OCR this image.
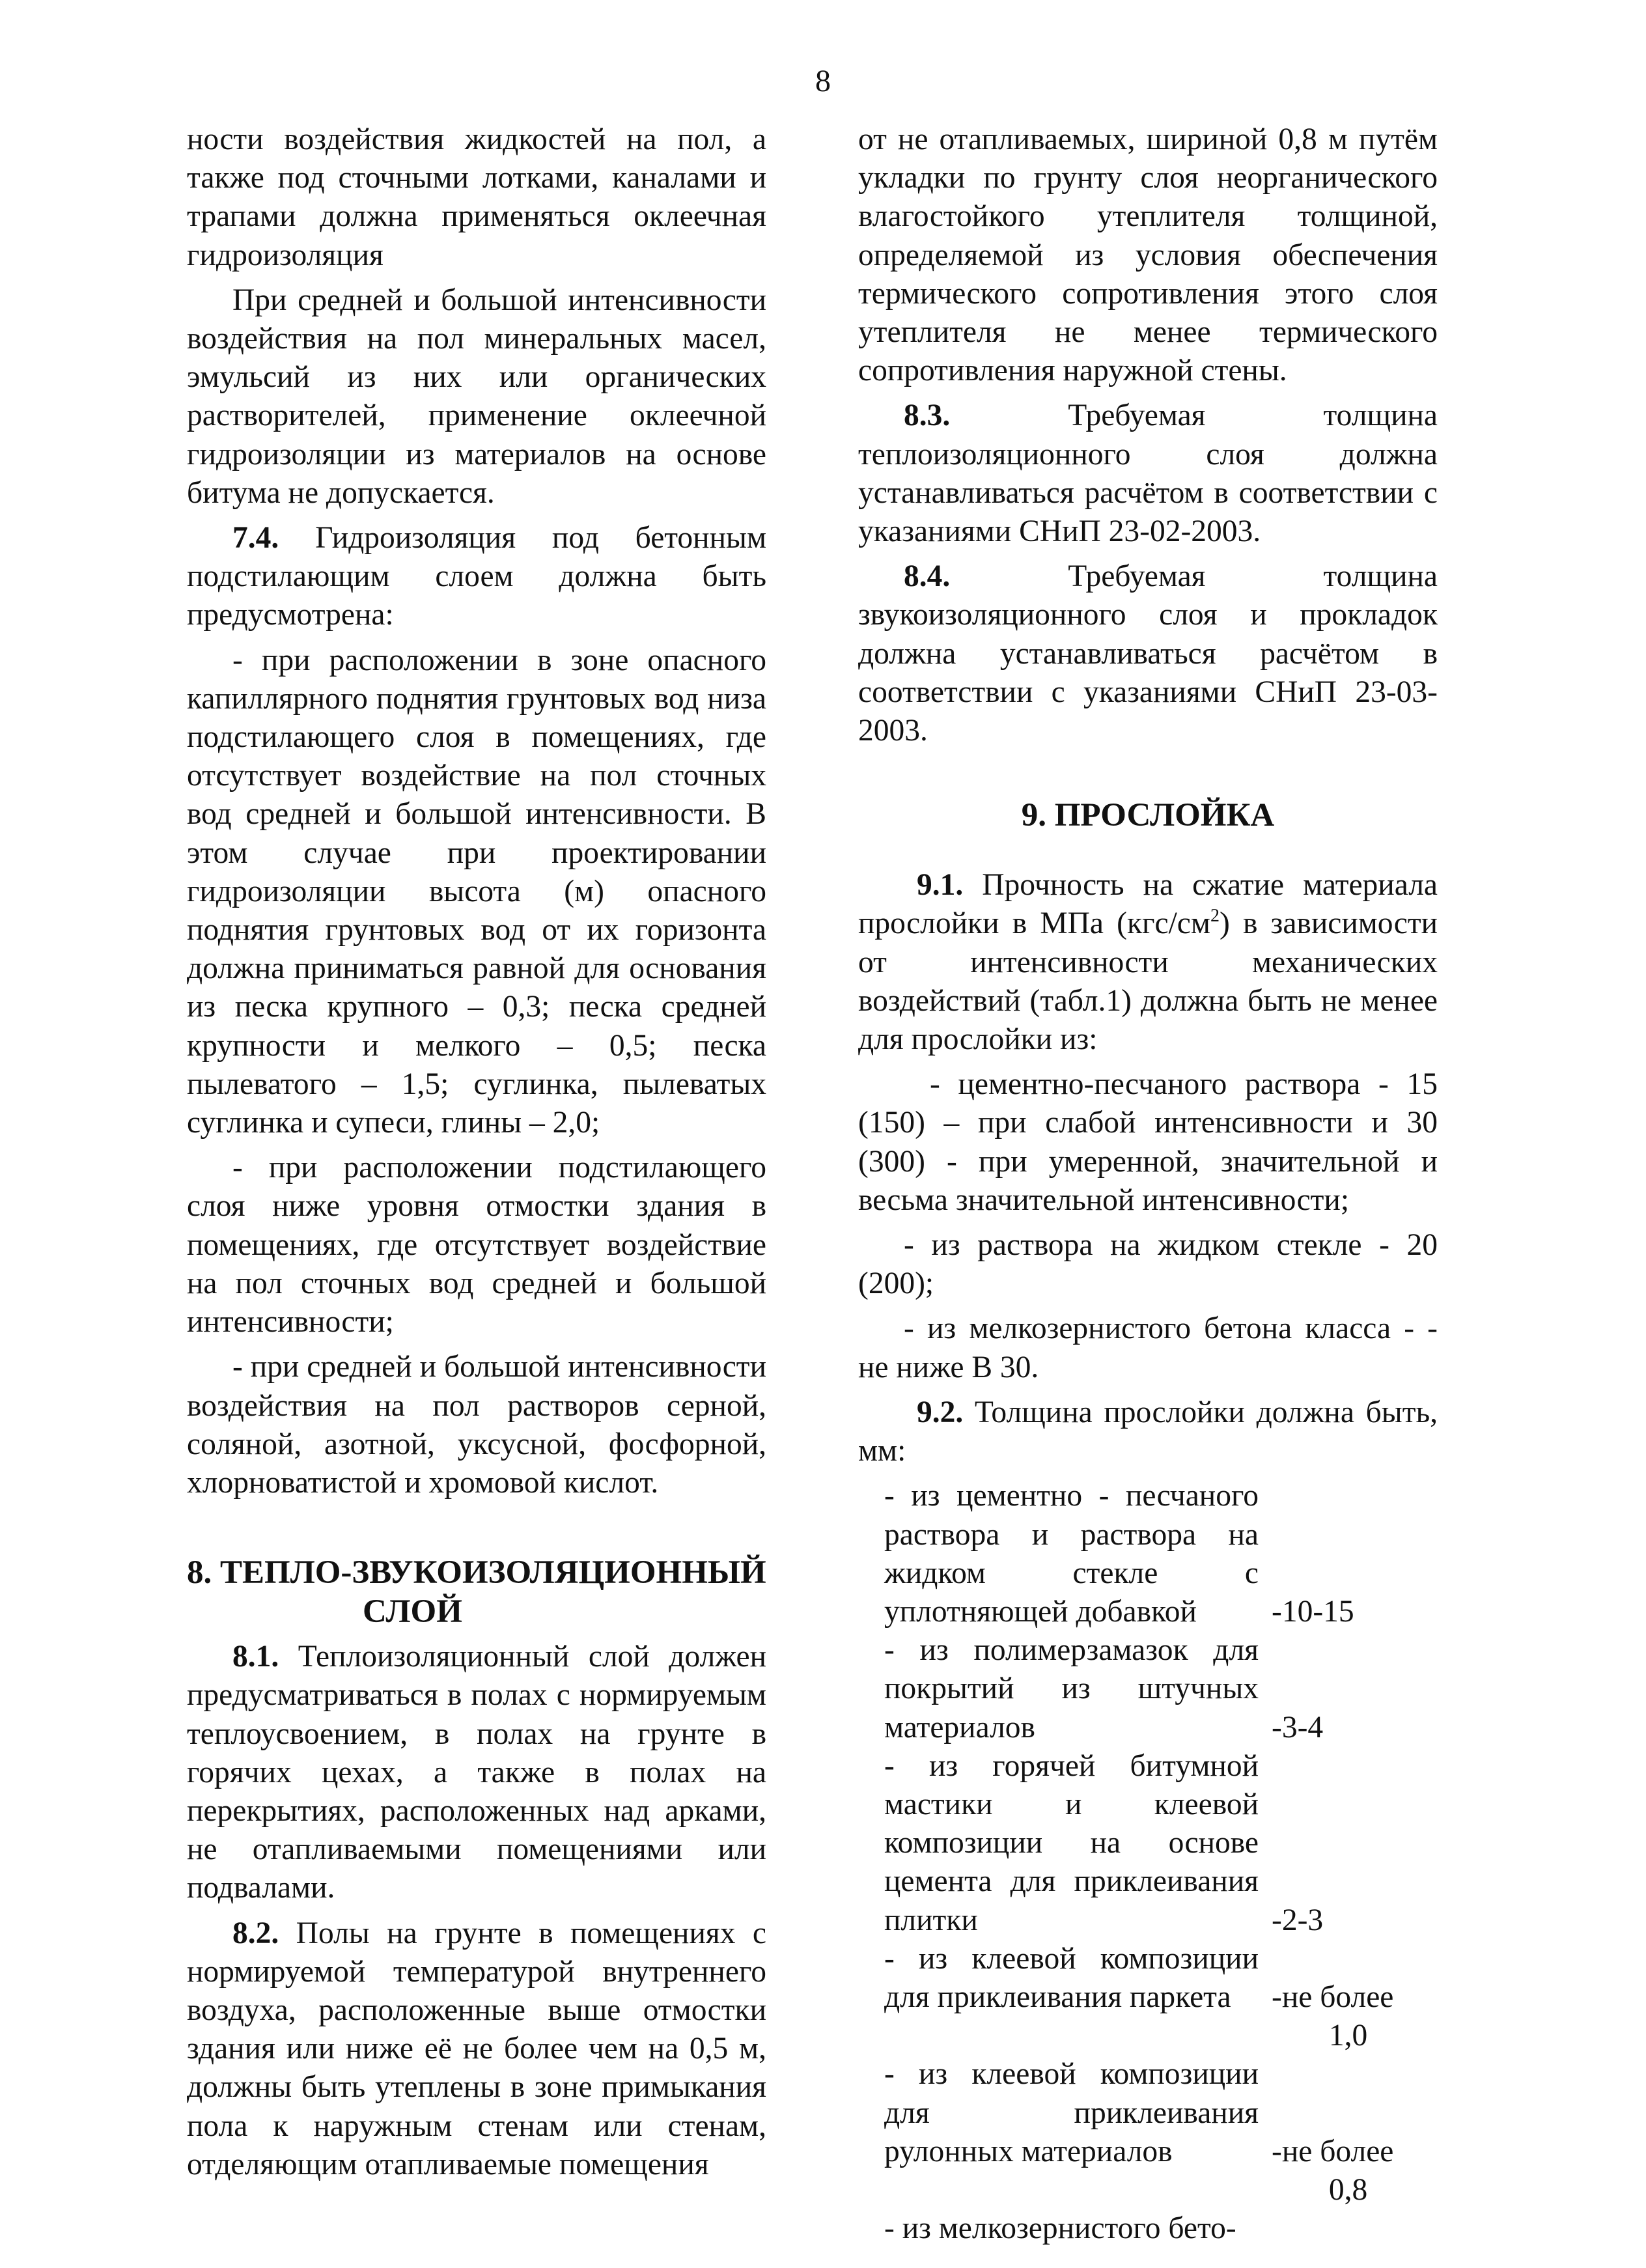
8

ности воздействия жидкостей на пол, а также под сточными лотками, каналами и трапами должна применяться оклеечная гидроизоляция

При средней и большой интенсивности воздействия на пол минеральных масел, эмульсий из них или органических растворителей, применение оклеечной гидроизоляции из материалов на основе битума не допускается.

7.4. Гидроизоляция под бетонным подстилающим слоем должна быть предусмотрена:

- при расположении в зоне опасного капиллярного поднятия грунтовых вод низа подстилающего слоя в помещениях, где отсутствует воздействие на пол сточных вод средней и большой интенсивности. В этом случае при проектировании гидроизоляции высота (м) опасного поднятия грунтовых вод от их горизонта должна приниматься равной для основания из песка крупного – 0,3; песка средней крупности и мелкого – 0,5; песка пылеватого – 1,5; суглинка, пылеватых суглинка и супеси, глины – 2,0;

- при расположении подстилающего слоя ниже уровня отмостки здания в помещениях, где отсутствует воздействие на пол сточных вод средней и большой интенсивности;

- при средней и большой интенсивности воздействия на пол растворов серной, соляной, азотной, уксусной, фосфорной, хлорноватистой и хромовой кислот.

8. ТЕПЛО-ЗВУКОИЗОЛЯЦИОННЫЙ
СЛОЙ

8.1. Теплоизоляционный слой должен предусматриваться в полах с нормируемым теплоусвоением, в полах на грунте в горячих цехах, а также в полах на перекрытиях, расположенных над арками, не отапливаемыми помещениями или подвалами.

8.2. Полы на грунте в помещениях с нормируемой температурой внутреннего воздуха, расположенные выше отмостки здания или ниже её не более чем на 0,5 м, должны быть утеплены в зоне примыкания пола к наружным стенам или стенам, отделяющим отапливаемые помещения

от не отапливаемых, шириной 0,8 м путём укладки по грунту слоя неорганического влагостойкого утеплителя толщиной, определяемой из условия обеспечения термического сопротивления этого слоя утеплителя не менее термического сопротивления наружной стены.

8.3. Требуемая толщина теплоизоляционного слоя должна устанавливаться расчётом в соответствии с указаниями СНиП 23-02-2003.

8.4. Требуемая толщина звукоизоляционного слоя и прокладок должна устанавливаться расчётом в соответствии с указаниями СНиП 23-03-2003.

9. ПРОСЛОЙКА

9.1. Прочность на сжатие материала прослойки в МПа $(кгс/см^2)$ в зависимости от интенсивности механических воздействий (табл.1) должна быть не менее для прослойки из:

- цементно-песчаного раствора - 15 (150) – при слабой интенсивности и 30 (300) - при умеренной, значительной и весьма значительной интенсивности;

- из раствора на жидком стекле - 20 (200);

- из мелкозернистого бетона класса - - не ниже В 30.

9.2. Толщина прослойки должна быть, мм:

- из цементно - песчаного раствора и раствора на жидком стекле с уплотняющей добавкой	-10-15
- из полимерзамазок для покрытий из штучных материалов	-3-4
- из горячей битумной мастики и клеевой композиции на основе цемента для приклеивания плитки	-2-3
- из клеевой композиции для приклеивания паркета	-не более
1,0
- из клеевой композиции для приклеивания рулонных материалов	-не более
0,8
- из мелкозернистого бето-
